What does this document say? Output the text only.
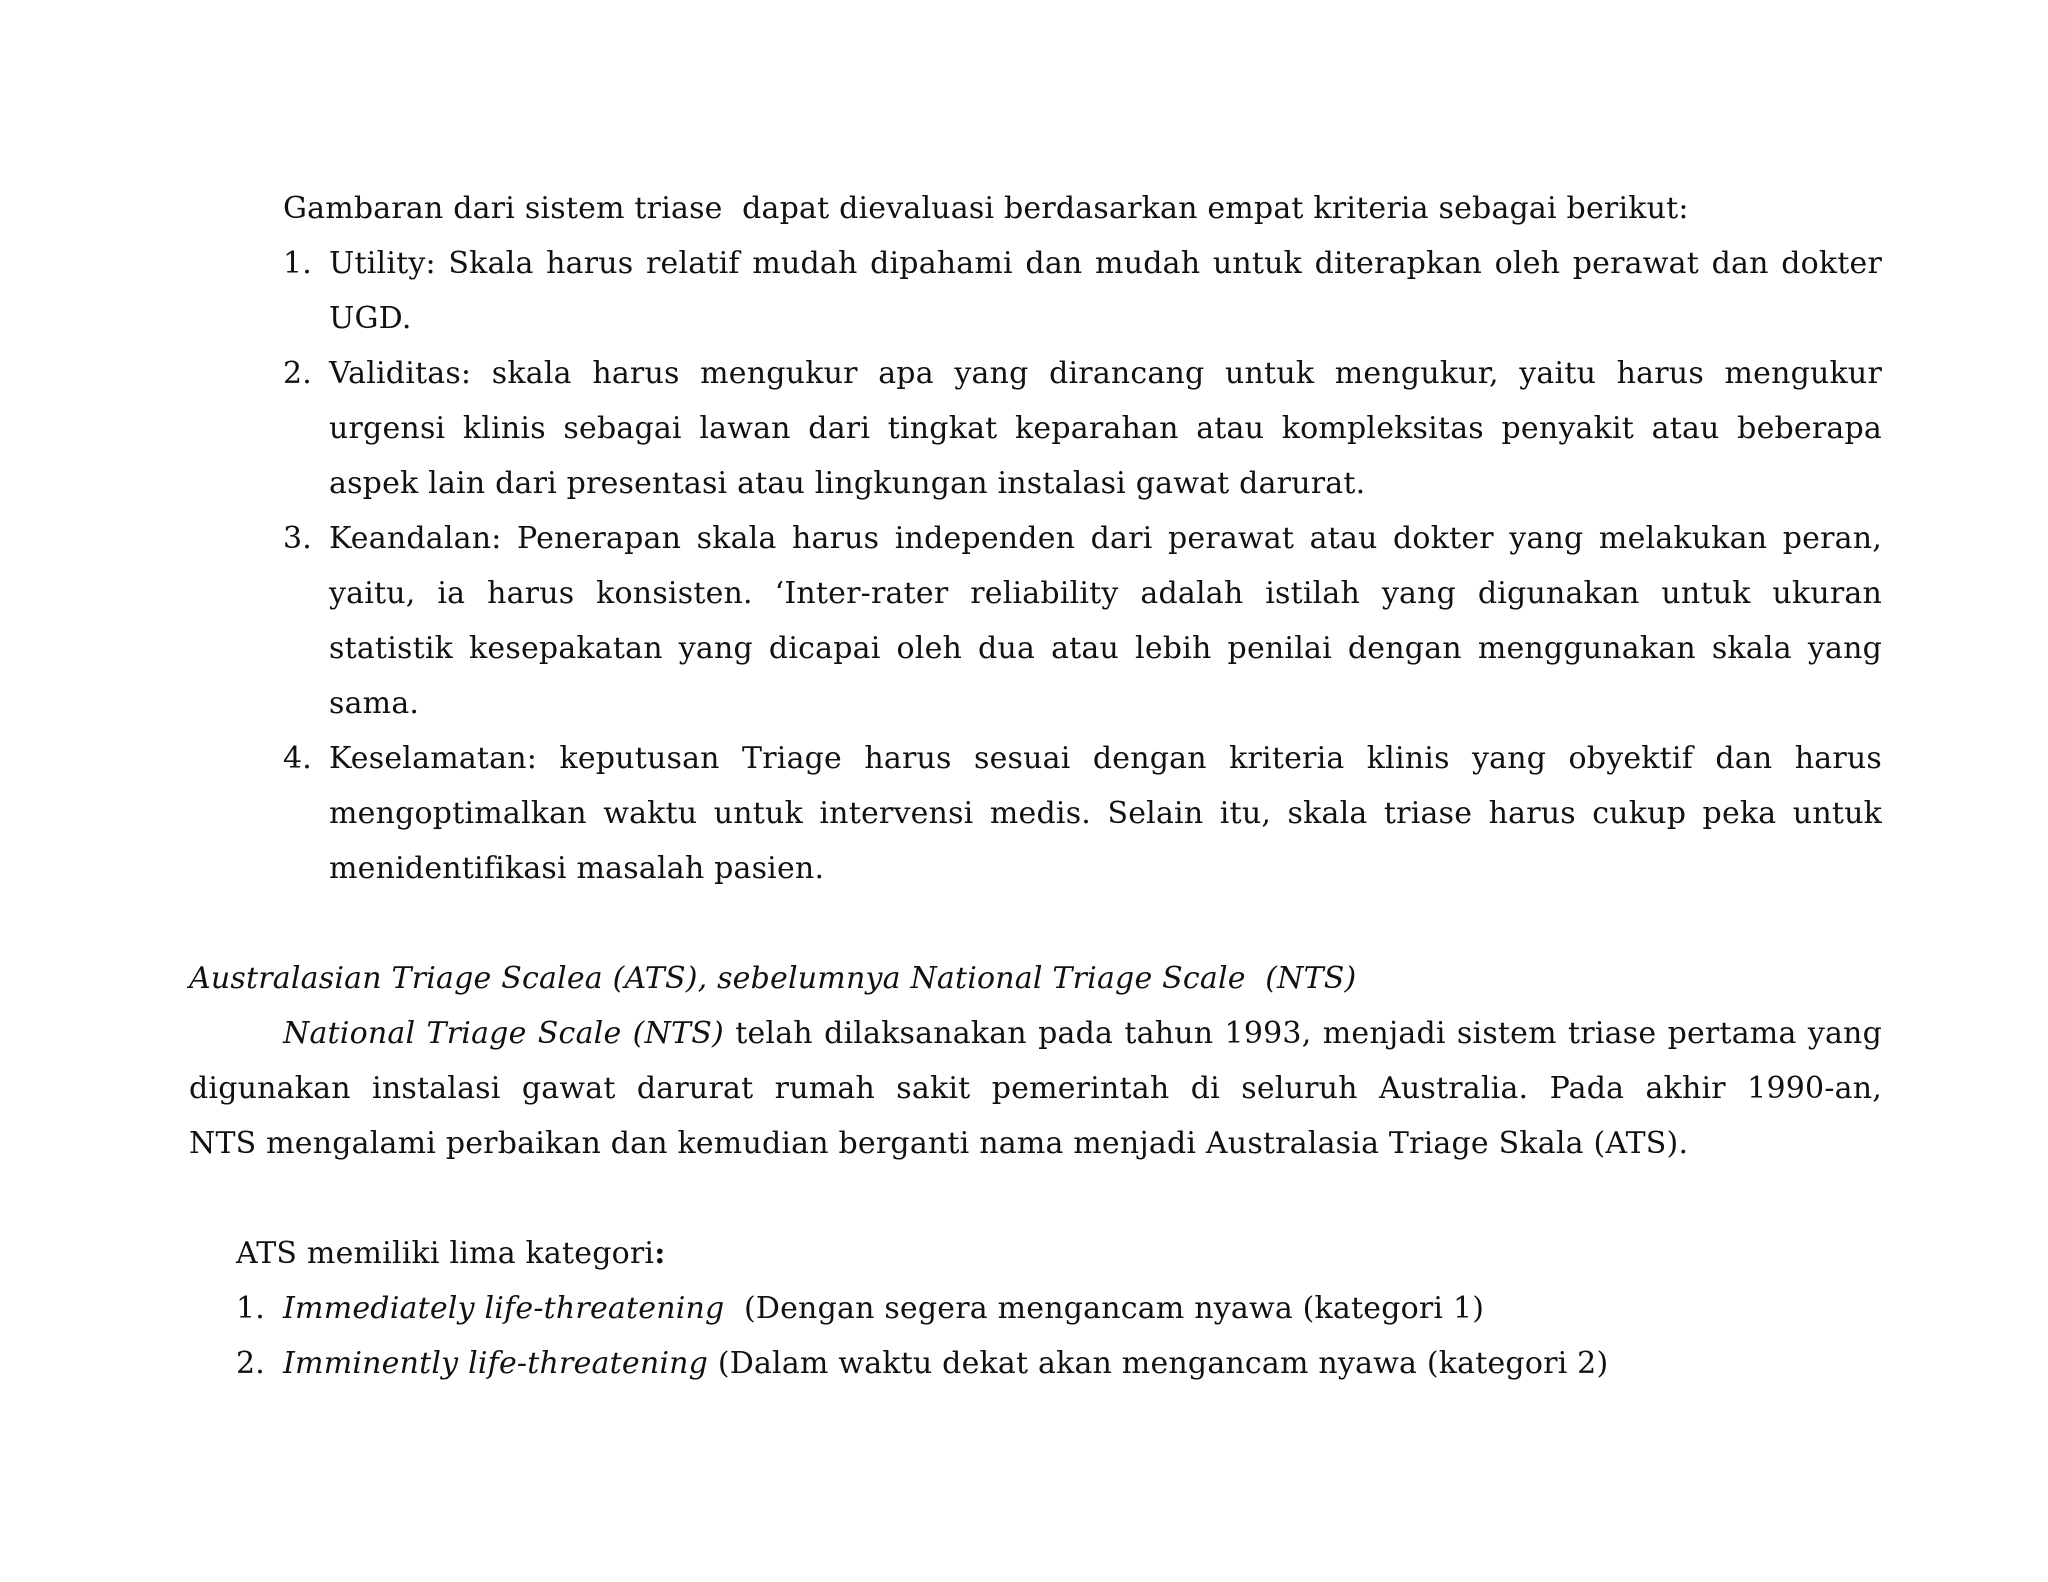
Gambaran dari sistem triase  dapat dievaluasi berdasarkan empat kriteria sebagai berikut:
1. Utility: Skala harus relatif mudah dipahami dan mudah untuk diterapkan oleh perawat dan dokter
UGD.
2. Validitas: skala harus mengukur apa yang dirancang untuk mengukur, yaitu harus mengukur
urgensi klinis sebagai lawan dari tingkat keparahan atau kompleksitas penyakit atau beberapa
aspek lain dari presentasi atau lingkungan instalasi gawat darurat.
3. Keandalan: Penerapan skala harus independen dari perawat atau dokter yang melakukan peran,
yaitu, ia harus konsisten. ‘Inter-rater reliability adalah istilah yang digunakan untuk ukuran
statistik kesepakatan yang dicapai oleh dua atau lebih penilai dengan menggunakan skala yang
sama.
4. Keselamatan: keputusan Triage harus sesuai dengan kriteria klinis yang obyektif dan harus
mengoptimalkan waktu untuk intervensi medis. Selain itu, skala triase harus cukup peka untuk
menidentifikasi masalah pasien.
Australasian Triage Scalea (ATS), sebelumnya National Triage Scale  (NTS)
National Triage Scale (NTS) telah dilaksanakan pada tahun 1993, menjadi sistem triase pertama yang
digunakan instalasi gawat darurat rumah sakit pemerintah di seluruh Australia. Pada akhir 1990-an,
NTS mengalami perbaikan dan kemudian berganti nama menjadi Australasia Triage Skala (ATS).
ATS memiliki lima kategori:
1. Immediately life-threatening  (Dengan segera mengancam nyawa (kategori 1)
2. Imminently life-threatening (Dalam waktu dekat akan mengancam nyawa (kategori 2)
